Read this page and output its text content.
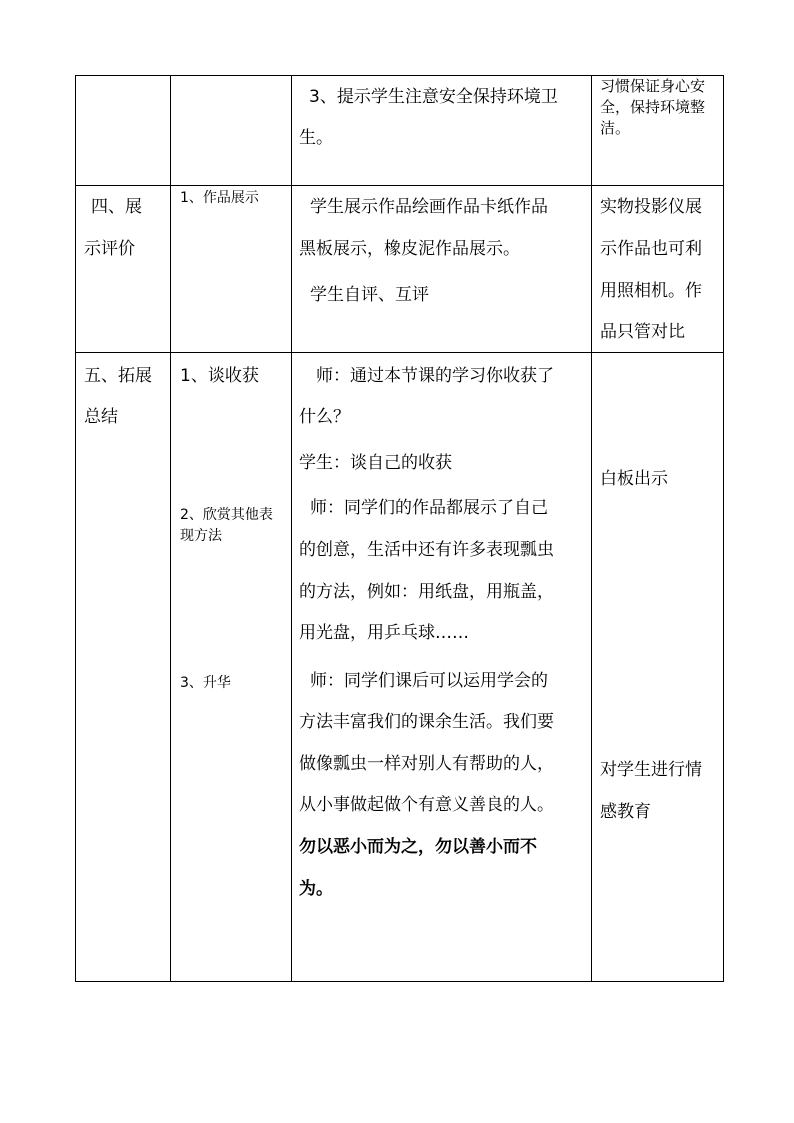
3、提示学生注意安全保持环境卫
生。
习惯保证身心安
全，保持环境整
洁。
四、展
示评价
1、作品展示	学生展示作品绘画作品卡纸作品
黑板展示，橡皮泥作品展示。
学生自评、互评
实物投影仪展
示作品也可利
用照相机。作
品只管对比
五、拓展
总结
1、谈收获
2、欣赏其他表
现方法
3、升华
师：通过本节课的学习你收获了
什么？
学生：谈自己的收获
师：同学们的作品都展示了自己
的创意，生活中还有许多表现瓢虫
的方法，例如：用纸盘，用瓶盖，
用光盘，用乒乓球……
师：同学们课后可以运用学会的
方法丰富我们的课余生活。我们要
做像瓢虫一样对别人有帮助的人，
从小事做起做个有意义善良的人。
勿以恶小而为之，勿以善小而不
为。
白板出示
对学生进行情
感教育
